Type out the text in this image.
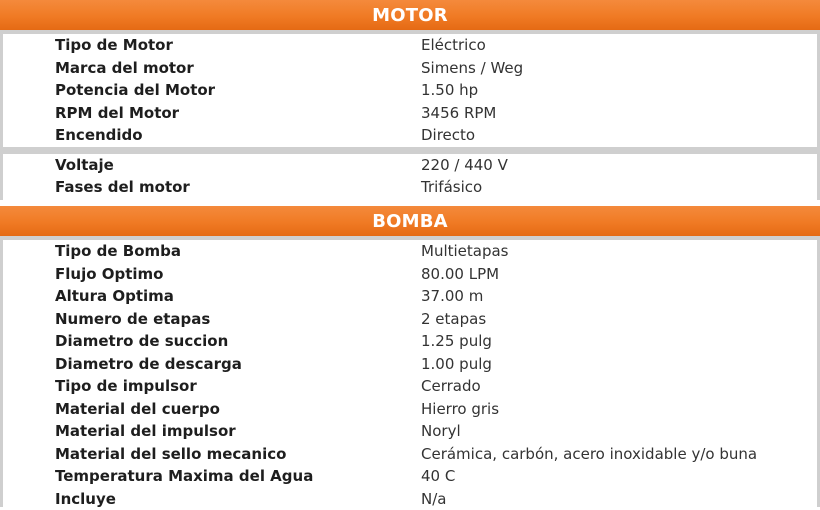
MOTOR
Tipo de Motor	Eléctrico
Marca del motor	Simens / Weg
Potencia del Motor	1.50 hp
RPM del Motor	3456 RPM
Encendido	Directo
Voltaje	220 / 440 V
Fases del motor	Trifásico
BOMBA
Tipo de Bomba	Multietapas
Flujo Optimo	80.00 LPM
Altura Optima	37.00 m
Numero de etapas	2 etapas
Diametro de succion	1.25 pulg
Diametro de descarga	1.00 pulg
Tipo de impulsor	Cerrado
Material del cuerpo	Hierro gris
Material del impulsor	Noryl
Material del sello mecanico	Cerámica, carbón, acero inoxidable y/o buna
Temperatura Maxima del Agua	40 C
Incluye	N/a
